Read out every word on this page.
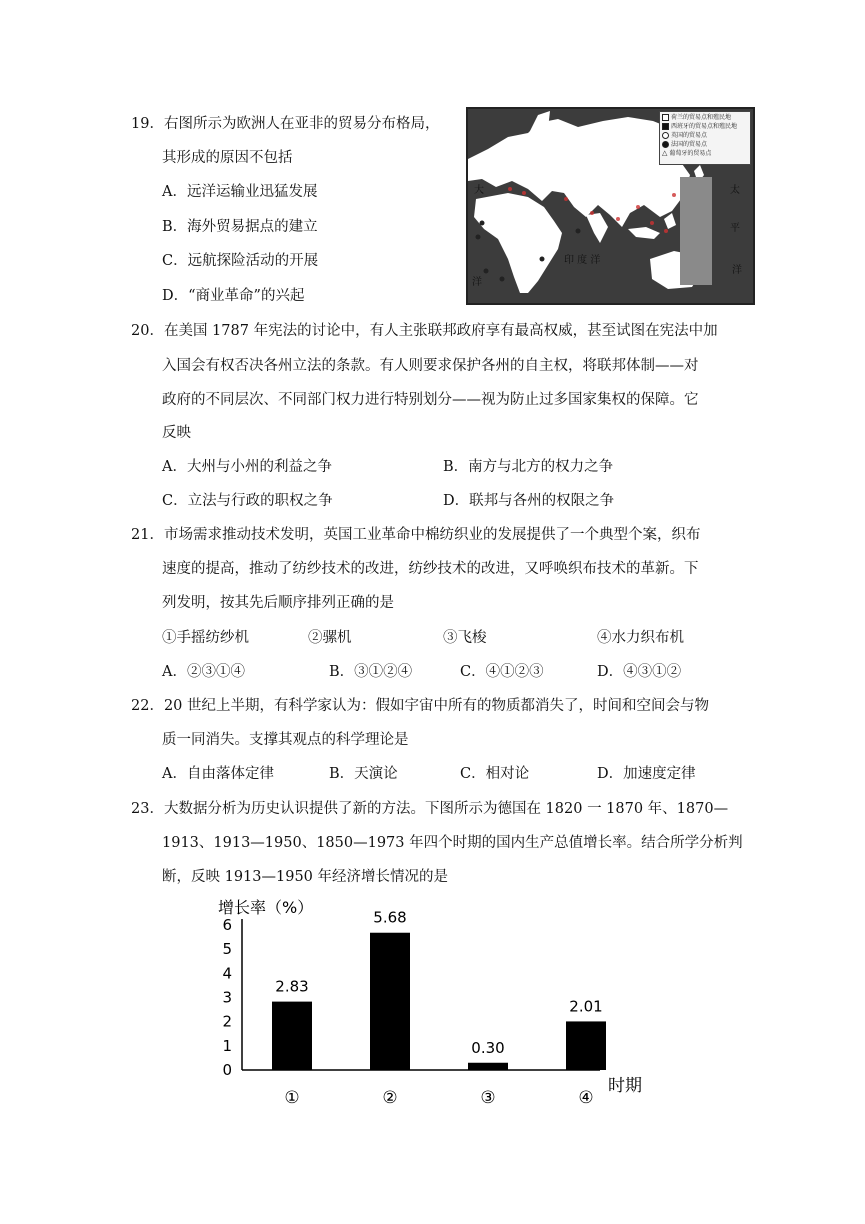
19．右图所示为欧洲人在亚非的贸易分布格局，
其形成的原因不包括
A．远洋运输业迅猛发展
B．海外贸易据点的建立
C．远航探险活动的开展
D．“商业革命”的兴起
大
洋
印 度 洋
太
平
洋
荷兰的贸易点和殖民地
西班牙的贸易点和殖民地
英国的贸易点
法国的贸易点
△ 葡萄牙的贸易点
20．在美国 1787 年宪法的讨论中，有人主张联邦政府享有最高权威，甚至试图在宪法中加
入国会有权否决各州立法的条款。有人则要求保护各州的自主权，将联邦体制——对
政府的不同层次、不同部门权力进行特别划分——视为防止过多国家集权的保障。它
反映
A．大州与小州的利益之争	B．南方与北方的权力之争
C．立法与行政的职权之争	D．联邦与各州的权限之争
21．市场需求推动技术发明，英国工业革命中棉纺织业的发展提供了一个典型个案，织布
速度的提高，推动了纺纱技术的改进，纺纱技术的改进，又呼唤织布技术的革新。下
列发明，按其先后顺序排列正确的是
①手摇纺纱机	②骡机	③飞梭	④水力织布机
A．②③①④	B．③①②④	C．④①②③	D．④③①②
22．20 世纪上半期，有科学家认为：假如宇宙中所有的物质都消失了，时间和空间会与物
质一同消失。支撑其观点的科学理论是
A．自由落体定律	B．天演论	C．相对论	D．加速度定律
23．大数据分析为历史认识提供了新的方法。下图所示为德国在 1820 一 1870 年、1870—
1913、1913—1950、1850—1973 年四个时期的国内生产总值增长率。结合所学分析判
断，反映 1913—1950 年经济增长情况的是
0
1
2
3
4
5
6
增长率（%）
时期
2.83
①
5.68
②
0.30
③
2.01
④
